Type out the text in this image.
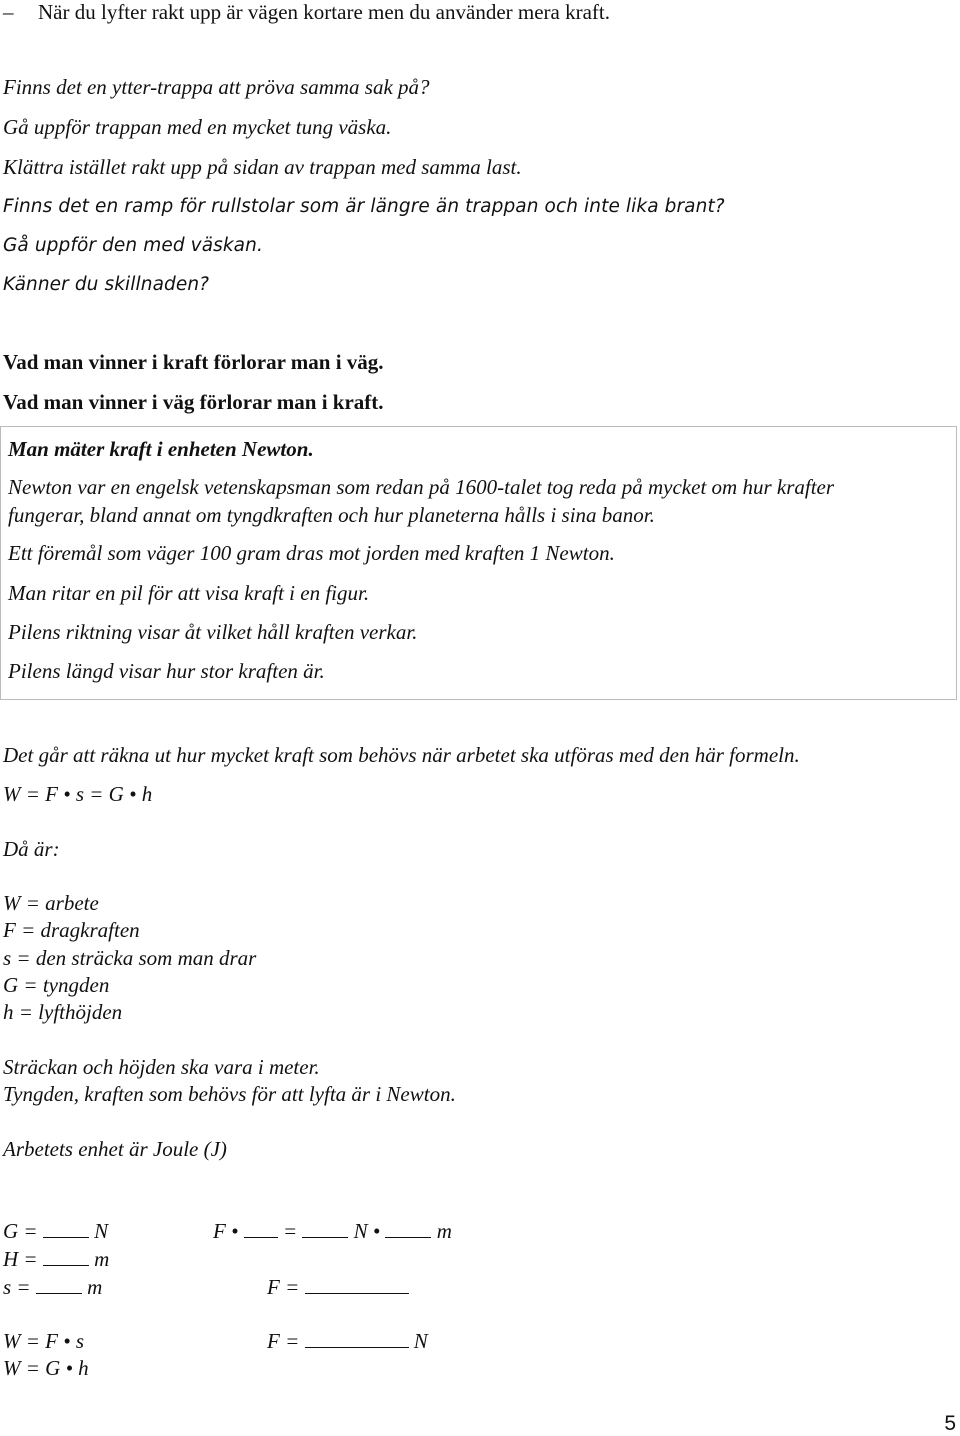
– När du lyfter rakt upp är vägen kortare men du använder mera kraft.
Finns det en ytter-trappa att pröva samma sak på?
Gå uppför trappan med en mycket tung väska.
Klättra istället rakt upp på sidan av trappan med samma last.
Finns det en ramp för rullstolar som är längre än trappan och inte lika brant?
Gå uppför den med väskan.
Känner du skillnaden?
Vad man vinner i kraft förlorar man i väg.
Vad man vinner i väg förlorar man i kraft.
Man mäter kraft i enheten Newton.
Newton var en engelsk vetenskapsman som redan på 1600-talet tog reda på mycket om hur krafter
fungerar, bland annat om tyngdkraften och hur planeterna hålls i sina banor.
Ett föremål som väger 100 gram dras mot jorden med kraften 1 Newton.
Man ritar en pil för att visa kraft i en figur.
Pilens riktning visar åt vilket håll kraften verkar.
Pilens längd visar hur stor kraften är.
Det går att räkna ut hur mycket kraft som behövs när arbetet ska utföras med den här formeln.
W = F • s = G • h
Då är:
W = arbete
F = dragkraften
s = den sträcka som man drar
G = tyngden
h = lyfthöjden
Sträckan och höjden ska vara i meter.
Tyngden, kraften som behövs för att lyfta är i Newton.
Arbetets enhet är Joule (J)
G =	N
H =	m
s =	m
W = F • s
W = G • h
F • =	N •	m
F =
F =	N
5
